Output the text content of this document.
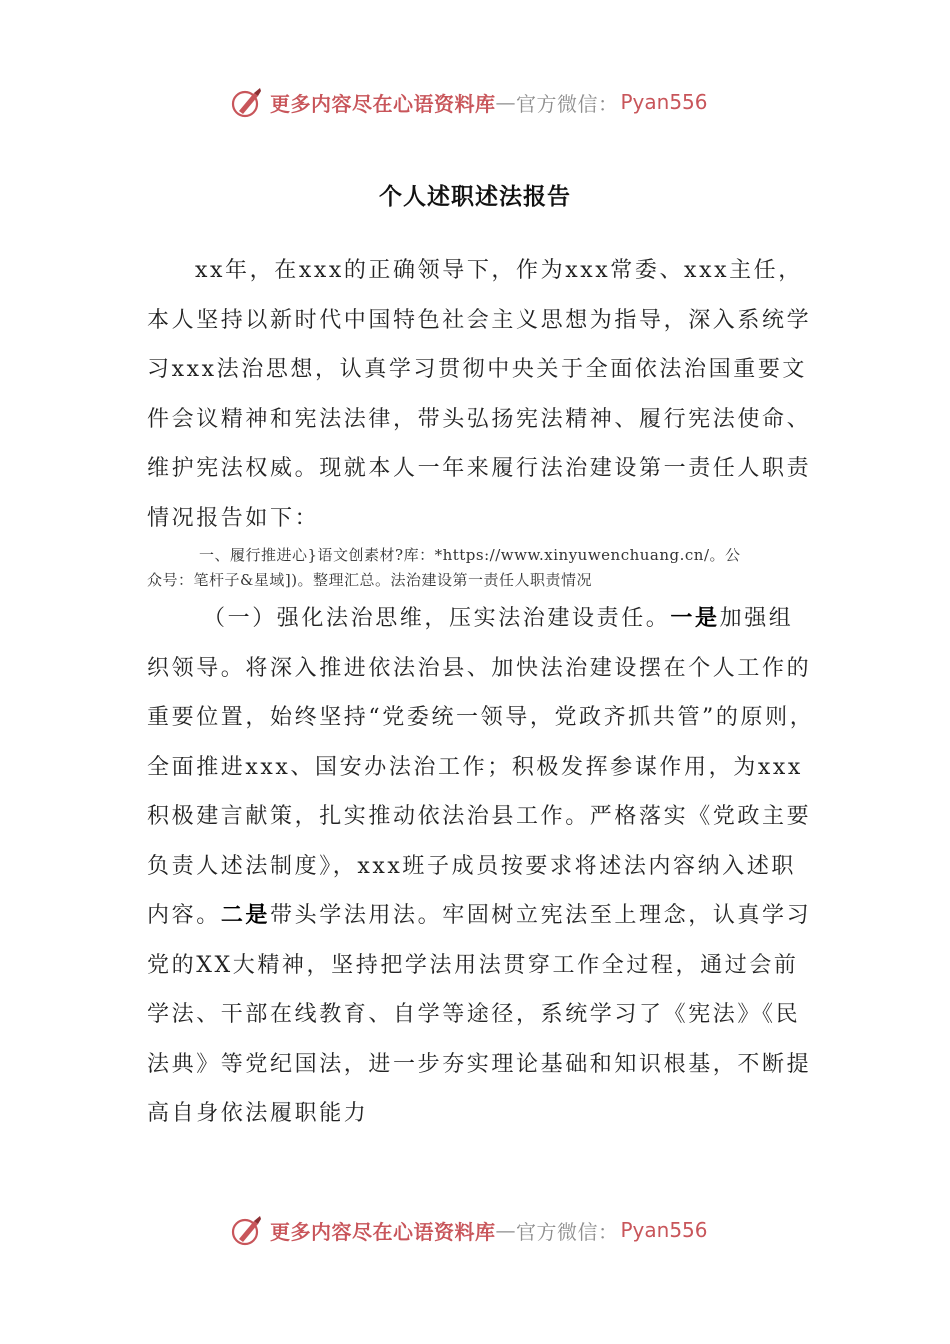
更多内容尽在心语资料库 — 官方微信： Pyan556
个人述职述法报告

xx年，在xxx的正确领导下，作为xxx常委、xxx主任，本人坚持以新时代中国特色社会主义思想为指导，深入系统学习xxx法治思想，认真学习贯彻中央关于全面依法治国重要文件会议精神和宪法法律，带头弘扬宪法精神、履行宪法使命、维护宪法权威。现就本人一年来履行法治建设第一责任人职责情况报告如下：

一、履行推进心}语文创素材?库：*https://www.xinyuwenchuang.cn/。公
众号：笔杆子&星域])。整理汇总。法治建设第一责任人职责情况

（一）强化法治思维，压实法治建设责任。一是加强组织领导。将深入推进依法治县、加快法治建设摆在个人工作的重要位置，始终坚持“党委统一领导，党政齐抓共管”的原则，全面推进xxx、国安办法治工作；积极发挥参谋作用，为xxx积极建言献策，扎实推动依法治县工作。严格落实《党政主要负责人述法制度》，xxx班子成员按要求将述法内容纳入述职内容。二是带头学法用法。牢固树立宪法至上理念，认真学习党的XX大精神，坚持把学法用法贯穿工作全过程，通过会前学法、干部在线教育、自学等途径，系统学习了《宪法》《民法典》等党纪国法，进一步夯实理论基础和知识根基，不断提高自身依法履职能力

更多内容尽在心语资料库 — 官方微信： Pyan556
